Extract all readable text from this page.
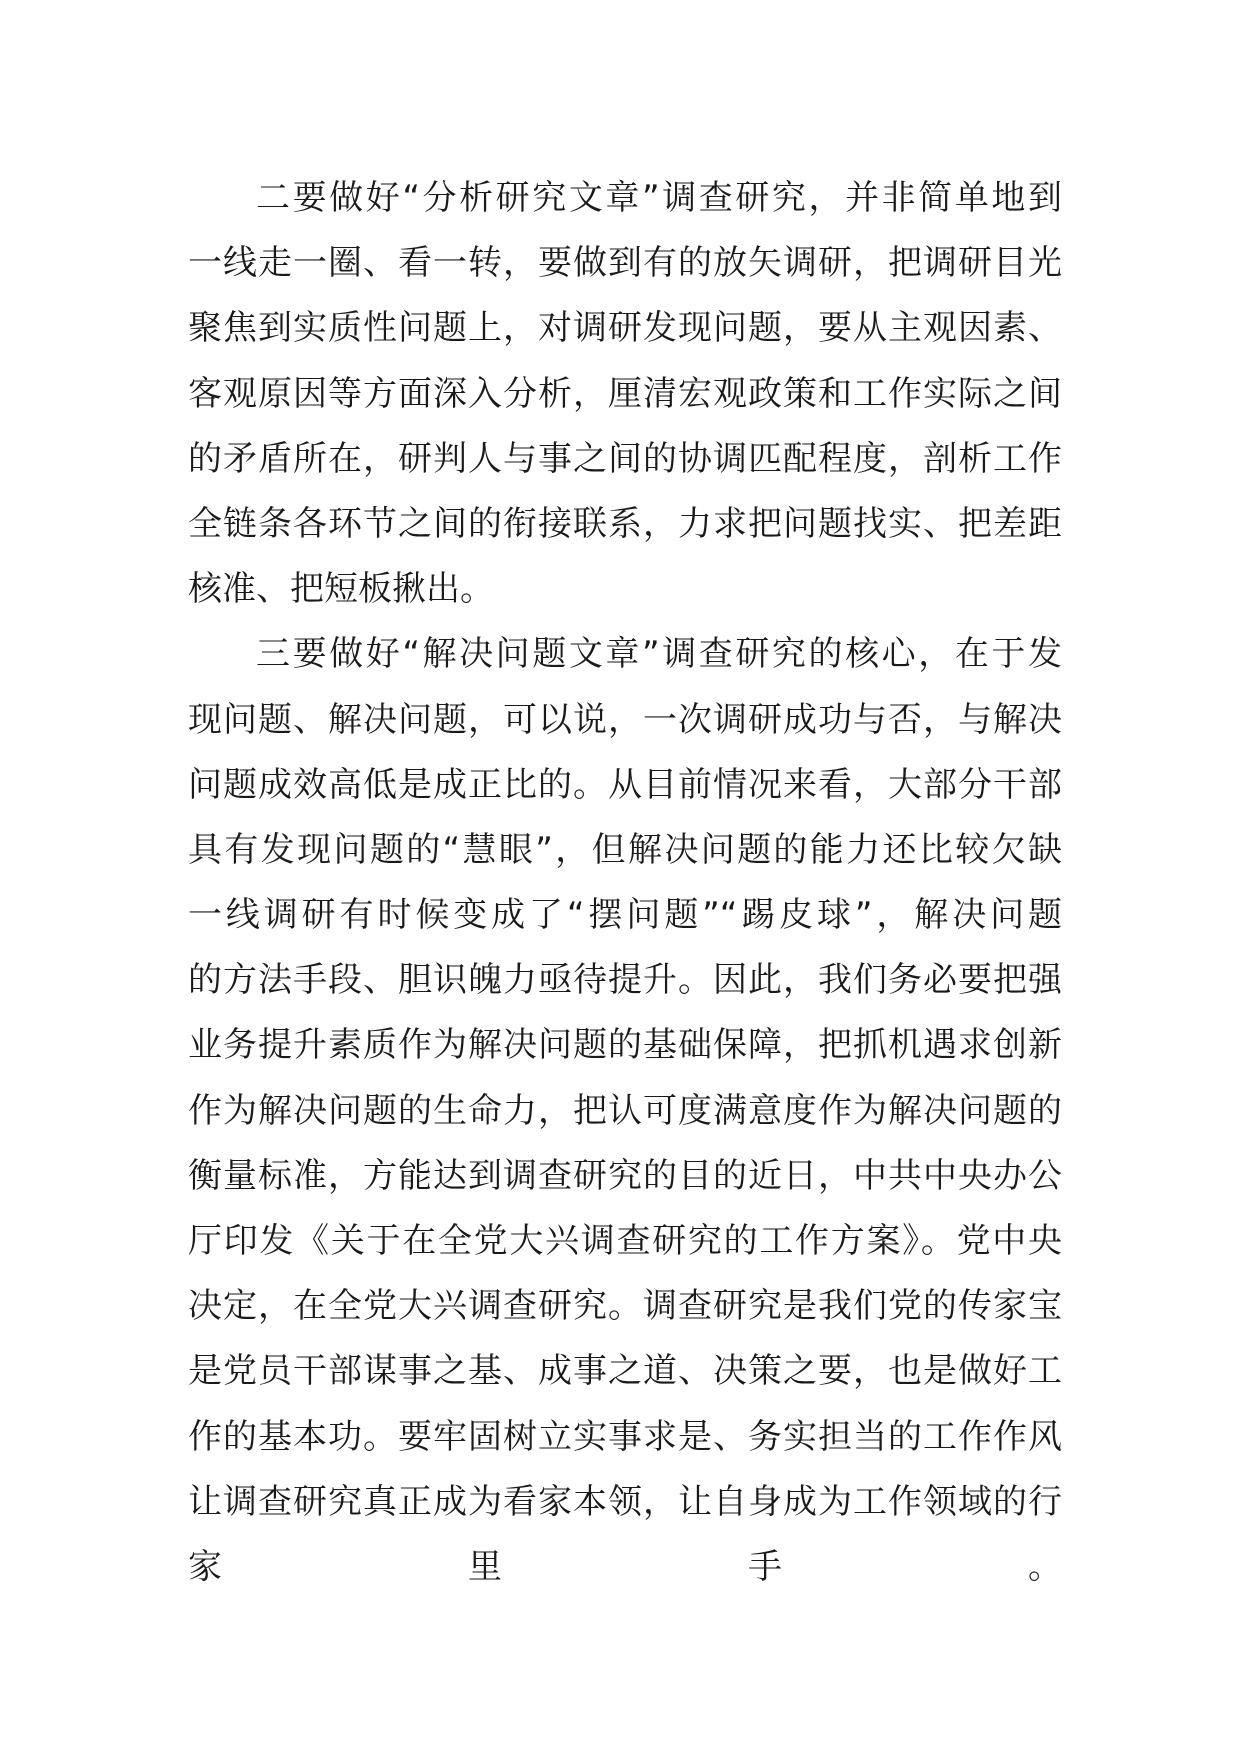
二要做好“分析研究文章”调查研究，并非简单地到
一线走一圈、看一转，要做到有的放矢调研，把调研目光
聚焦到实质性问题上，对调研发现问题，要从主观因素、
客观原因等方面深入分析，厘清宏观政策和工作实际之间
的矛盾所在，研判人与事之间的协调匹配程度，剖析工作
全链条各环节之间的衔接联系，力求把问题找实、把差距
核准、把短板揪出。
三要做好“解决问题文章”调查研究的核心，在于发
现问题、解决问题，可以说，一次调研成功与否，与解决
问题成效高低是成正比的。从目前情况来看，大部分干部
具有发现问题的“慧眼”，但解决问题的能力还比较欠缺
一线调研有时候变成了“摆问题”“踢皮球”，解决问题
的方法手段、胆识魄力亟待提升。因此，我们务必要把强
业务提升素质作为解决问题的基础保障，把抓机遇求创新
作为解决问题的生命力，把认可度满意度作为解决问题的
衡量标准，方能达到调查研究的目的近日，中共中央办公
厅印发《关于在全党大兴调查研究的工作方案》。党中央
决定，在全党大兴调查研究。调查研究是我们党的传家宝
是党员干部谋事之基、成事之道、决策之要，也是做好工
作的基本功。要牢固树立实事求是、务实担当的工作作风
让调查研究真正成为看家本领，让自身成为工作领域的行
家里手。
